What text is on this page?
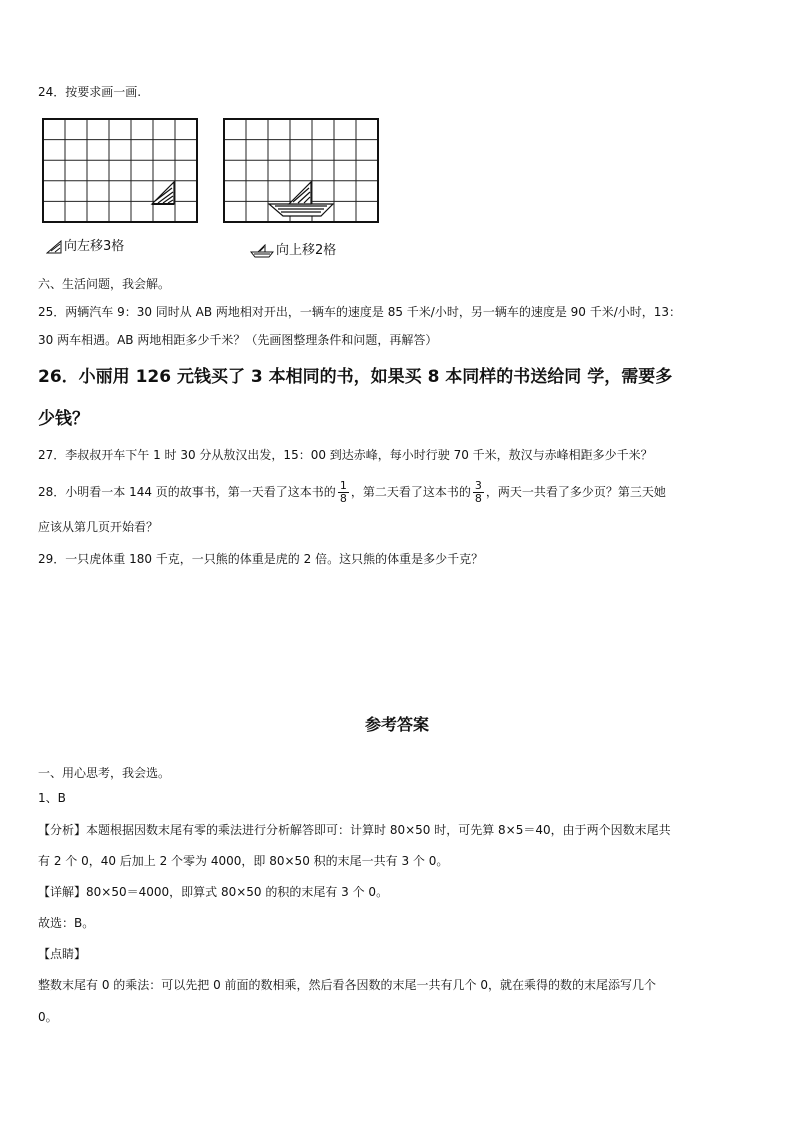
24．按要求画一画.
向左移3格	向上移2格
六、生活问题，我会解。
25．两辆汽车 9：30 同时从 AB 两地相对开出，一辆车的速度是 85 千米/小时，另一辆车的速度是 90 千米/小时，13：
30 两车相遇。AB 两地相距多少千米？（先画图整理条件和问题，再解答）
26．小丽用 126 元钱买了 3 本相同的书，如果买 8 本同样的书送给同 学，需要多
少钱？
27．李叔叔开车下午 1 时 30 分从敖汉出发，15：00 到达赤峰，每小时行驶 70 千米，敖汉与赤峰相距多少千米？
28．小明看一本 144 页的故事书，第一天看了这本书的 $\frac{1}{8}$ ，第二天看了这本书的 $\frac{3}{8}$ ，两天一共看了多少页？第三天她
应该从第几页开始看？
29．一只虎体重 180 千克，一只熊的体重是虎的 2 倍。这只熊的体重是多少千克？
参考答案
一、用心思考，我会选。
1、B
【分析】本题根据因数末尾有零的乘法进行分析解答即可：计算时 80×50 时，可先算 8×5＝40，由于两个因数末尾共
有 2 个 0，40 后加上 2 个零为 4000，即 80×50 积的末尾一共有 3 个 0。
【详解】80×50＝4000，即算式 80×50 的积的末尾有 3 个 0。
故选：B。
【点睛】
整数末尾有 0 的乘法：可以先把 0 前面的数相乘，然后看各因数的末尾一共有几个 0，就在乘得的数的末尾添写几个
0。
